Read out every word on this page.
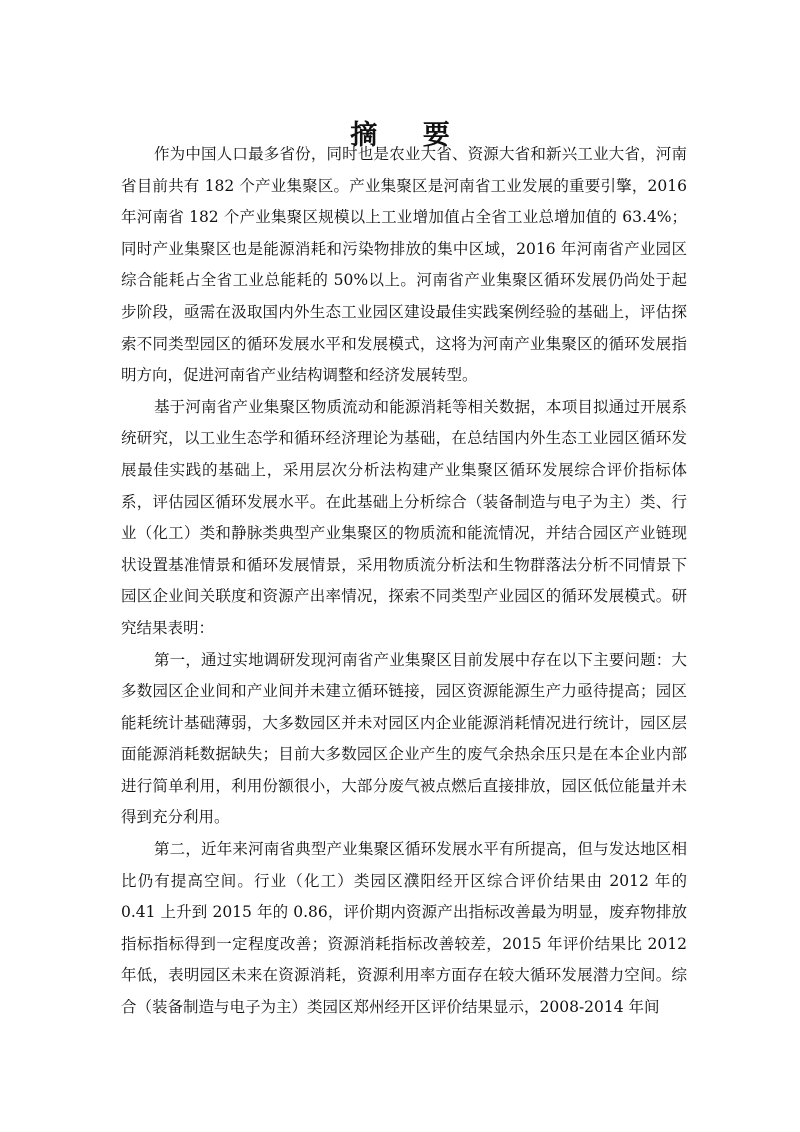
摘 要

作为中国人口最多省份，同时也是农业大省、资源大省和新兴工业大省，河南省目前共有 182 个产业集聚区。产业集聚区是河南省工业发展的重要引擎，2016 年河南省 182 个产业集聚区规模以上工业增加值占全省工业总增加值的 63.4%；同时产业集聚区也是能源消耗和污染物排放的集中区域，2016 年河南省产业园区综合能耗占全省工业总能耗的 50%以上。河南省产业集聚区循环发展仍尚处于起步阶段，亟需在汲取国内外生态工业园区建设最佳实践案例经验的基础上，评估探索不同类型园区的循环发展水平和发展模式，这将为河南产业集聚区的循环发展指明方向，促进河南省产业结构调整和经济发展转型。

基于河南省产业集聚区物质流动和能源消耗等相关数据，本项目拟通过开展系统研究，以工业生态学和循环经济理论为基础，在总结国内外生态工业园区循环发展最佳实践的基础上，采用层次分析法构建产业集聚区循环发展综合评价指标体系，评估园区循环发展水平。在此基础上分析综合（装备制造与电子为主）类、行业（化工）类和静脉类典型产业集聚区的物质流和能流情况，并结合园区产业链现状设置基准情景和循环发展情景，采用物质流分析法和生物群落法分析不同情景下园区企业间关联度和资源产出率情况，探索不同类型产业园区的循环发展模式。研究结果表明：

第一，通过实地调研发现河南省产业集聚区目前发展中存在以下主要问题：大多数园区企业间和产业间并未建立循环链接，园区资源能源生产力亟待提高；园区能耗统计基础薄弱，大多数园区并未对园区内企业能源消耗情况进行统计，园区层面能源消耗数据缺失；目前大多数园区企业产生的废气余热余压只是在本企业内部进行简单利用，利用份额很小，大部分废气被点燃后直接排放，园区低位能量并未得到充分利用。

第二，近年来河南省典型产业集聚区循环发展水平有所提高，但与发达地区相比仍有提高空间。行业（化工）类园区濮阳经开区综合评价结果由 2012 年的 0.41 上升到 2015 年的 0.86，评价期内资源产出指标改善最为明显，废弃物排放指标指标得到一定程度改善；资源消耗指标改善较差，2015 年评价结果比 2012 年低，表明园区未来在资源消耗，资源利用率方面存在较大循环发展潜力空间。综合（装备制造与电子为主）类园区郑州经开区评价结果显示，2008-2014 年间
